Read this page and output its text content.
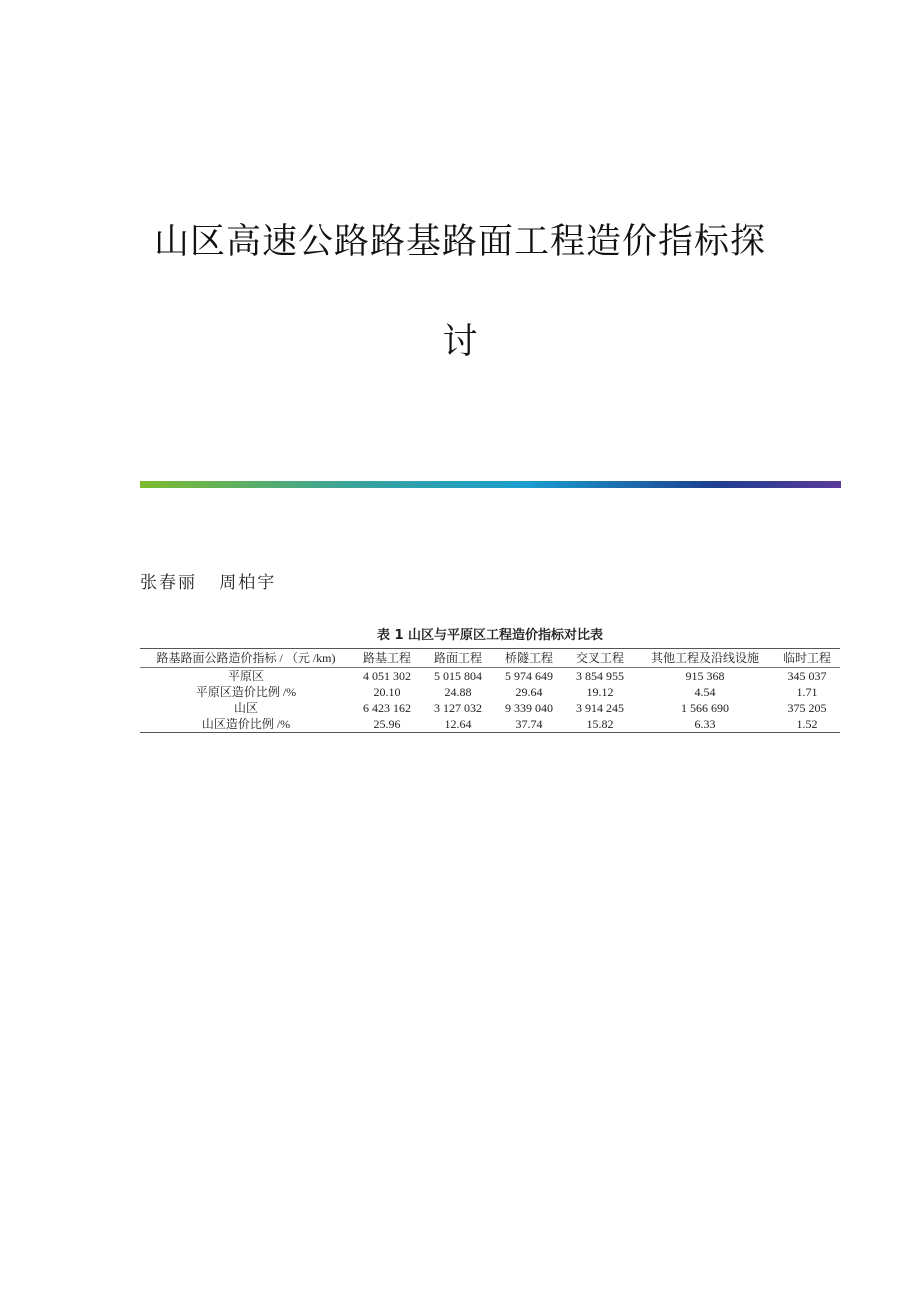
山区高速公路路基路面工程造价指标探
讨
张春丽   周柏宇
表 1 山区与平原区工程造价指标对比表
路基路面公路造价指标 / （元 /km)	路基工程	路面工程	桥隧工程	交叉工程	其他工程及沿线设施	临时工程
平原区	4 051 302	5 015 804	5 974 649	3 854 955	915 368	345 037
平原区造价比例 /%	20.10	24.88	29.64	19.12	4.54	1.71
山区	6 423 162	3 127 032	9 339 040	3 914 245	1 566 690	375 205
山区造价比例 /%	25.96	12.64	37.74	15.82	6.33	1.52
